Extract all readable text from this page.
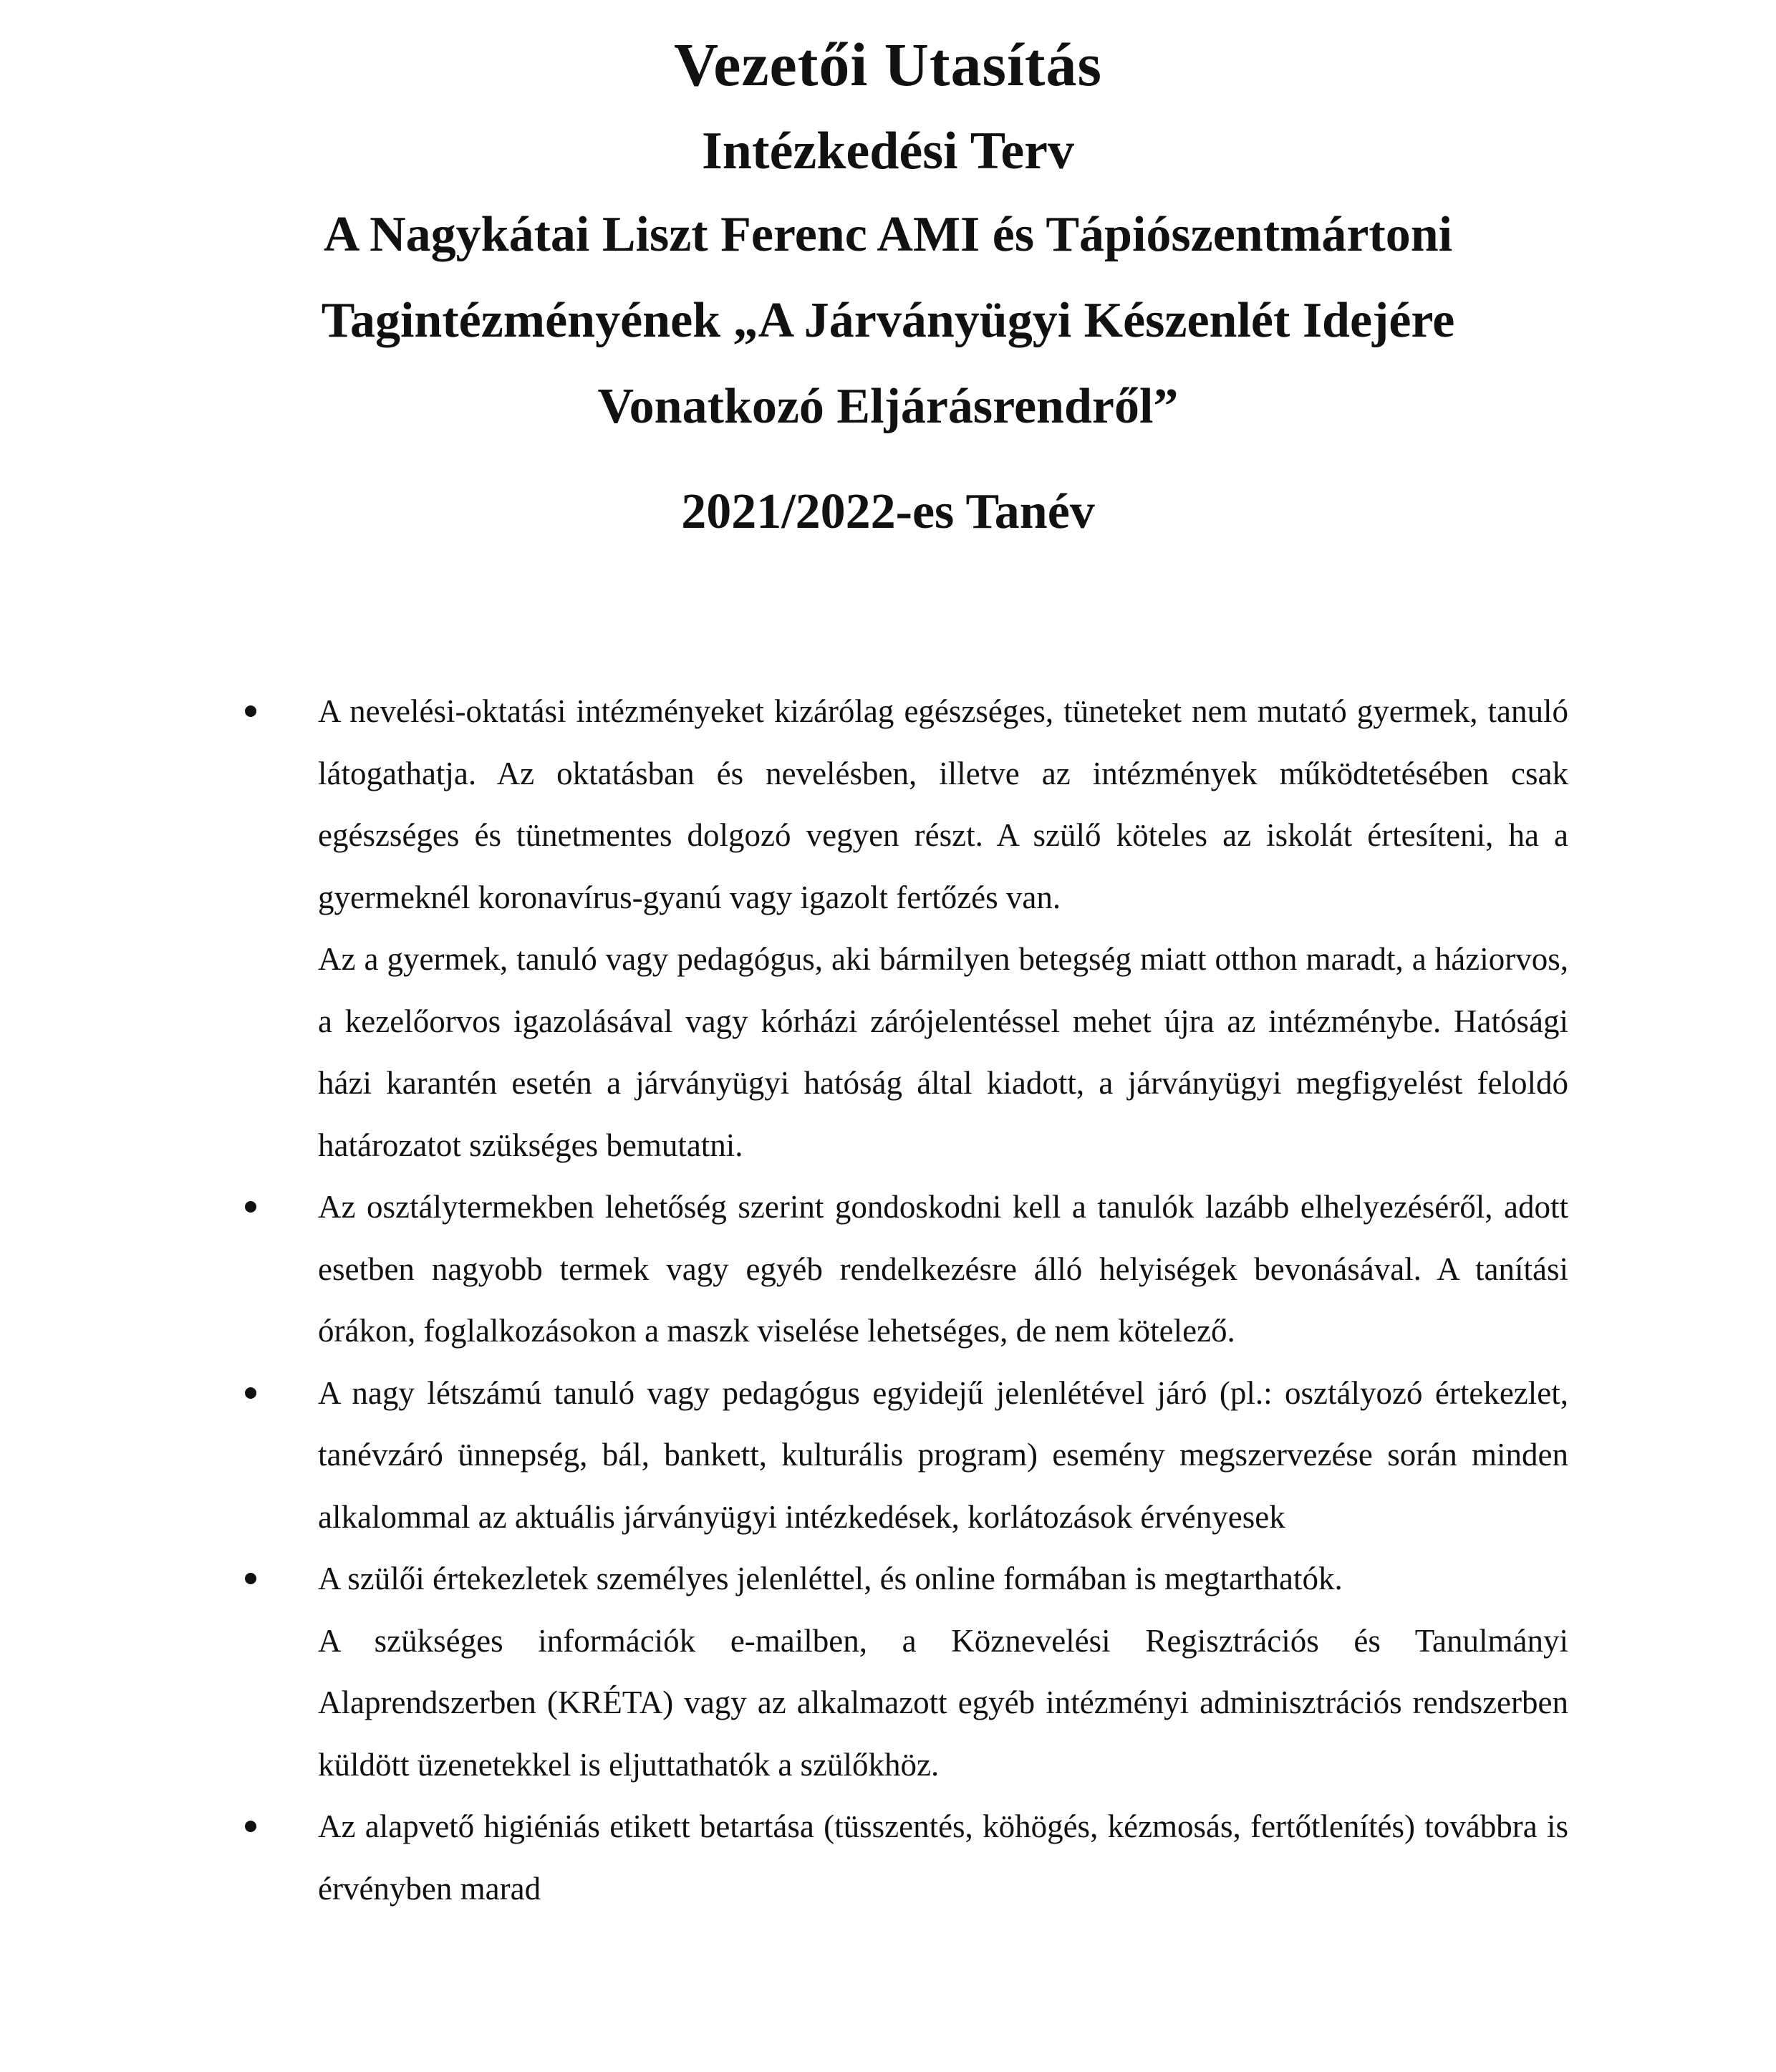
Vezetői Utasítás
Intézkedési Terv
A Nagykátai Liszt Ferenc AMI és Tápiószentmártoni Tagintézményének „A Járványügyi Készenlét Idejére Vonatkozó Eljárásrendről”
2021/2022-es Tanév

A nevelési-oktatási intézményeket kizárólag egészséges, tüneteket nem mutató gyermek, tanuló látogathatja. Az oktatásban és nevelésben, illetve az intézmények működtetésében csak egészséges és tünetmentes dolgozó vegyen részt. A szülő köteles az iskolát értesíteni, ha a gyermeknél koronavírus-gyanú vagy igazolt fertőzés van.

Az a gyermek, tanuló vagy pedagógus, aki bármilyen betegség miatt otthon maradt, a háziorvos, a kezelőorvos igazolásával vagy kórházi zárójelentéssel mehet újra az intézménybe. Hatósági házi karantén esetén a járványügyi hatóság által kiadott, a járványügyi megfigyelést feloldó határozatot szükséges bemutatni.

Az osztálytermekben lehetőség szerint gondoskodni kell a tanulók lazább elhelyezéséről, adott esetben nagyobb termek vagy egyéb rendelkezésre álló helyiségek bevonásával. A tanítási órákon, foglalkozásokon a maszk viselése lehetséges, de nem kötelező.

A nagy létszámú tanuló vagy pedagógus egyidejű jelenlétével járó (pl.: osztályozó értekezlet, tanévzáró ünnepség, bál, bankett, kulturális program) esemény megszervezése során minden alkalommal az aktuális járványügyi intézkedések, korlátozások érvényesek

A szülői értekezletek személyes jelenléttel, és online formában is megtarthatók.

A szükséges információk e-mailben, a Köznevelési Regisztrációs és Tanulmányi Alaprendszerben (KRÉTA) vagy az alkalmazott egyéb intézményi adminisztrációs rendszerben küldött üzenetekkel is eljuttathatók a szülőkhöz.

Az alapvető higiéniás etikett betartása (tüsszentés, köhögés, kézmosás, fertőtlenítés) továbbra is érvényben marad
